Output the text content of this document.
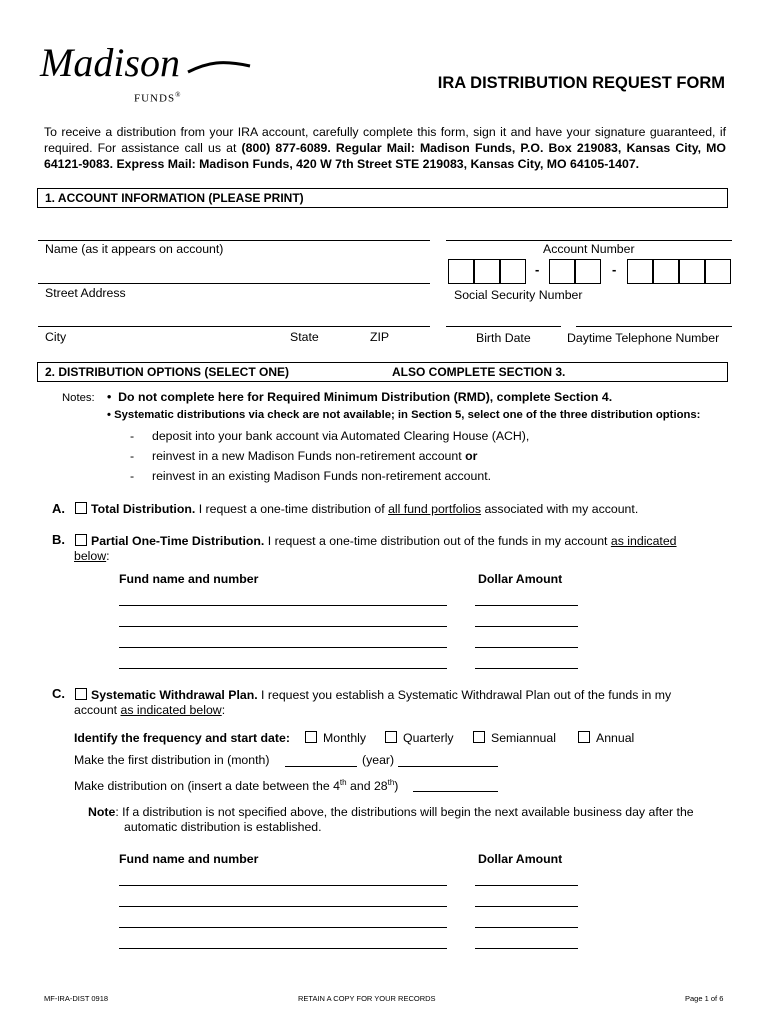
Madison
FUNDS®
IRA DISTRIBUTION REQUEST FORM
To receive a distribution from your IRA account, carefully complete this form, sign it and have your signature guaranteed, if required. For assistance call us at (800) 877-6089. Regular Mail: Madison Funds, P.O. Box 219083, Kansas City, MO 64121-9083. Express Mail: Madison Funds, 420 W 7th Street STE 219083, Kansas City, MO 64105-1407.
1. ACCOUNT INFORMATION (PLEASE PRINT)
Name (as it appears on account)	Account Number
-	-
Street Address	Social Security Number
City	State	ZIP	Birth Date	Daytime Telephone Number
2. DISTRIBUTION OPTIONS (SELECT ONE)	ALSO COMPLETE SECTION 3.
Notes: • Do not complete here for Required Minimum Distribution (RMD), complete Section 4.
• Systematic distributions via check are not available; in Section 5, select one of the three distribution options:
- deposit into your bank account via Automated Clearing House (ACH),
- reinvest in a new Madison Funds non-retirement account or
- reinvest in an existing Madison Funds non-retirement account.
A. Total Distribution. I request a one-time distribution of all fund portfolios associated with my account.
B. Partial One-Time Distribution. I request a one-time distribution out of the funds in my account as indicated
below:
Fund name and number	Dollar Amount
C. Systematic Withdrawal Plan. I request you establish a Systematic Withdrawal Plan out of the funds in my
account as indicated below:
Identify the frequency and start date:	Monthly	Quarterly	Semiannual	Annual
Make the first distribution in (month)	(year)
Make distribution on (insert a date between the 4th and 28th)
Note: If a distribution is not specified above, the distributions will begin the next available business day after the
automatic distribution is established.
Fund name and number	Dollar Amount
MF-IRA-DIST 0918	RETAIN A COPY FOR YOUR RECORDS	Page 1 of 6
